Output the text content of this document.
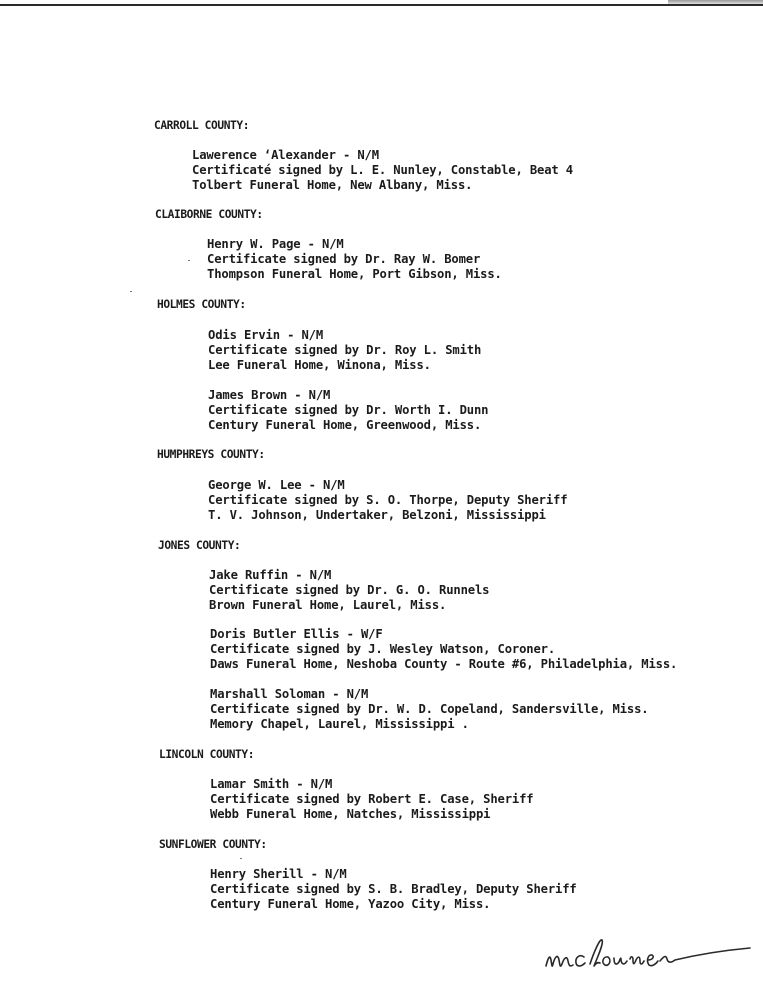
CARROLL COUNTY:
Lawerence ‘Alexander - N/M
Certificaté signed by L. E. Nunley, Constable, Beat 4
Tolbert Funeral Home, New Albany, Miss.
CLAIBORNE COUNTY:
Henry W. Page - N/M
Certificate signed by Dr. Ray W. Bomer
Thompson Funeral Home, Port Gibson, Miss.
HOLMES COUNTY:
Odis Ervin - N/M
Certificate signed by Dr. Roy L. Smith
Lee Funeral Home, Winona, Miss.
James Brown - N/M
Certificate signed by Dr. Worth I. Dunn
Century Funeral Home, Greenwood, Miss.
HUMPHREYS COUNTY:
George W. Lee - N/M
Certificate signed by S. O. Thorpe, Deputy Sheriff
T. V. Johnson, Undertaker, Belzoni, Mississippi
JONES COUNTY:
Jake Ruffin - N/M
Certificate signed by Dr. G. O. Runnels
Brown Funeral Home, Laurel, Miss.
Doris Butler Ellis - W/F
Certificate signed by J. Wesley Watson, Coroner.
Daws Funeral Home, Neshoba County - Route #6, Philadelphia, Miss.
Marshall Soloman - N/M
Certificate signed by Dr. W. D. Copeland, Sandersville, Miss.
Memory Chapel, Laurel, Mississippi .
LINCOLN COUNTY:
Lamar Smith - N/M
Certificate signed by Robert E. Case, Sheriff
Webb Funeral Home, Natches, Mississippi
SUNFLOWER COUNTY:
Henry Sherill - N/M
Certificate signed by S. B. Bradley, Deputy Sheriff
Century Funeral Home, Yazoo City, Miss.
